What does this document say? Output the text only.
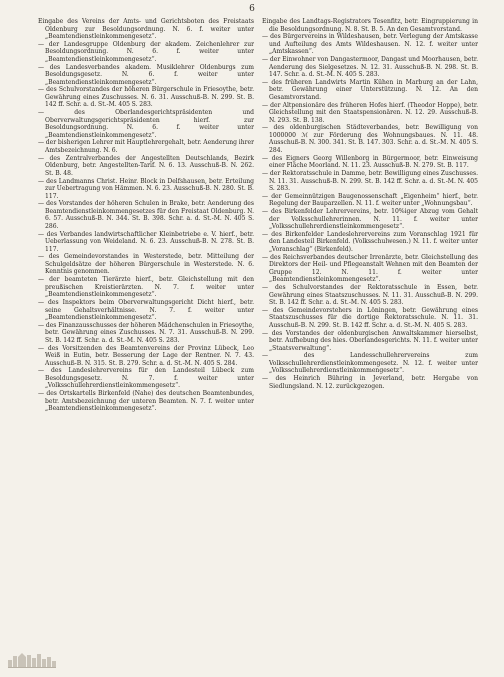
6

Eingabe des Vereins der Amts- und Gerichtsboten des Freistaats Oldenburg zur Besoldungsordnung. N. 6. f. weiter unter „Beamtendienstleinkommengesetz“.

— der Landesgruppe Oldenburg der akadem. Zeichenlehrer zur Besoldungsordnung. N. 6. f. weiter unter „Beamtendienstleinkommengesetz“.

— des Landesverbandes akadem. Musiklehrer Oldenburgs zum Besoldungsgesetz. N. 6. f. weiter unter „Beamtendienstleinkommengesetz“.

— des Schulvorstandes der höheren Bürgerschule in Friesoythe, betr. Gewährung eines Zuschusses. N. 6. 31. Ausschuß-B. N. 299. St. B. 142 ff. Schr. a. d. St.-M. 405 S. 283.

— des Oberlandesgerichtspräsidenten und Oberverwaltungsgerichtspräsidenten hierf. zur Besoldungsordnung. N. 6. f. weiter unter „Beamtendienstleinkommengesetz“.

— der bisherigen Lehrer mit Hauptlehrergehalt, betr. Aenderung ihrer Amtsbezeichnung. N. 6.

— des Zentralverbandes der Angestellten Deutschlands, Bezirk Oldenburg, betr. Angestellten-Tarif. N. 6. 13. Ausschuß-B. N. 262. St. B. 48.

— des Landmanns Christ. Heinr. Block in Delfshausen, betr. Erteilung zur Uebertragung von Hämmen. N. 6. 23. Ausschuß-B. N. 280. St. B. 117.

— des Vorstandes der höheren Schulen in Brake, betr. Aenderung des Beamtendienstleinkommengesetzes für den Freistaat Oldenburg. N. 6. 57. Ausschuß-B. N. 344. St. B. 398. Schr. a. d. St.-M. N. 405 S. 286.

— des Verbandes landwirtschaftlicher Kleinbetriebe e. V. hierf., betr. Ueberlassung von Weideland. N. 6. 23. Ausschuß-B. N. 278. St. B. 117.

— des Gemeindevorstandes in Westerstede, betr. Mitteilung der Schulgeldsätze der höheren Bürgerschule in Westerstede. N. 6. Kenntnis genommen.

— der beamteten Tierärzte hierf., betr. Gleichstellung mit den preußischen Kreistierärzten. N. 7. f. weiter unter „Beamtendienstleinkommengesetz“.

— des Inspektors beim Oberverwaltungsgericht Dicht hierf., betr. seine Gehaltsverhältnisse. N. 7. f. weiter unter „Beamtendienstleinkommengesetz“.

— des Finanzausschusses der höheren Mädchenschulen in Friesoythe, betr. Gewährung eines Zuschusses. N. 7. 31. Ausschuß-B. N. 299. St. B. 142 ff. Schr. a. d. St.-M. N. 405 S. 283.

— des Vorsitzenden des Beamtenvereins der Provinz Lübeck, Leo Weiß in Eutin, betr. Besserung der Lage der Rentner. N. 7. 43. Ausschuß-B. N. 315. St. B. 279. Schr. a. d. St.-M. N. 405 S. 284.

— des Landeslehrervereins für den Landesteil Lübeck zum Besoldungsgesetz. N. 7. f. weiter unter „Volksschullehrerdienstleinkommengesetz“.

— des Ortskartells Birkenfeld (Nahe) des deutschen Beamtenbundes, betr. Amtsbezeichnung der unteren Beamten. N. 7. f. weiter unter „Beamtendienstleinkommengesetz“.

Eingabe des Landtags-Registrators Tesenfitz, betr. Eingruppierung in die Besoldungsordnung. N. 8. St. B. 5. An den Gesamtvorstand.

— des Bürgervereins in Wildeshausen, betr. Verlegung der Amtskasse und Aufteilung des Amts Wildeshausen. N. 12. f. weiter unter „Amtskassen“.

— der Einwohner von Dangastermoor, Dangast und Moorhausen, betr. Aenderung des Sielgesetzes. N. 12. 31. Ausschuß-B. N. 298. St. B. 147. Schr. a. d. St.-M. N. 405 S. 283.

— des früheren Landwirts Martin Kühen in Marburg an der Lahn, betr. Gewährung einer Unterstützung. N. 12. An den Gesamtvorstand.

— der Altpensionäre des früheren Hofes hierf. (Theodor Hoppe), betr. Gleichstellung mit den Staatspensionären. N. 12. 29. Ausschuß-B. N. 293. St. B. 138.

— des oldenburgischen Städteverbandes, betr. Bewilligung von 1000000 ℳ zur Förderung des Wohnungsbaues. N. 11. 48. Ausschuß-B. N. 300. 341. St. B. 147. 303. Schr. a. d. St.-M. N. 405 S. 284.

— des Eigners Georg Willenborg in Bürgermoor, betr. Einweisung einer Fläche Moorland. N. 11. 23. Ausschuß-B. N. 279. St. B. 117.

— der Rektoratsschule in Damme, betr. Bewilligung eines Zuschusses. N. 11. 31. Ausschuß-B. N. 299. St. B. 142 ff. Schr. a. d. St.-M. N. 405 S. 283.

— der Gemeinnützigen Baugenossenschaft „Eigenheim“ hierf., betr. Regelung der Bauparzellen. N. 11. f. weiter unter „Wohnungsbau“.

— des Birkenfelder Lehrervereins, betr. 10%iger Abzug vom Gehalt der Volksschullehrerinnen. N. 11. f. weiter unter „Volksschullehrerdienstleinkommengesetz“.

— des Birkenfelder Landeslehrervereins zum Voranschlag 1921 für den Landesteil Birkenfeld. (Volksschulwesen.) N. 11. f. weiter unter „Voranschlag“ (Birkenfeld).

— des Reichsverbandes deutscher Irrenärzte, betr. Gleichstellung des Direktors der Heil- und Pflegeanstalt Wehnen mit den Beamten der Gruppe 12. N. 11. f. weiter unter „Beamtendienstleinkommengesetz“.

— des Schulvorstandes der Rektoratsschule in Essen, betr. Gewährung eines Staatszuschusses. N. 11. 31. Ausschuß-B. N. 299. St. B. 142 ff. Schr. a. d. St.-M. N. 405 S. 283.

— des Gemeindevorstehers in Löningen, betr. Gewährung eines Staatszuschusses für die dortige Rektoratsschule. N. 11. 31. Ausschuß-B. N. 299. St. B. 142 ff. Schr. a. d. St.-M. N. 405 S. 283.

— des Vorstandes der oldenburgischen Anwaltskammer hierselbst, betr. Aufhebung des hies. Oberlandesgerichts. N. 11. f. weiter unter „Staatsverwaltung“.

— des Landesschullehrervereins zum Volksschullehrerdienstleinkommengesetz. N. 12. f. weiter unter „Volksschullehrerdienstleinkommengesetz“.

— des Heinrich Bühring in Jeverland, betr. Hergabe von Siedlungsland. N. 12. zurückgezogen.
